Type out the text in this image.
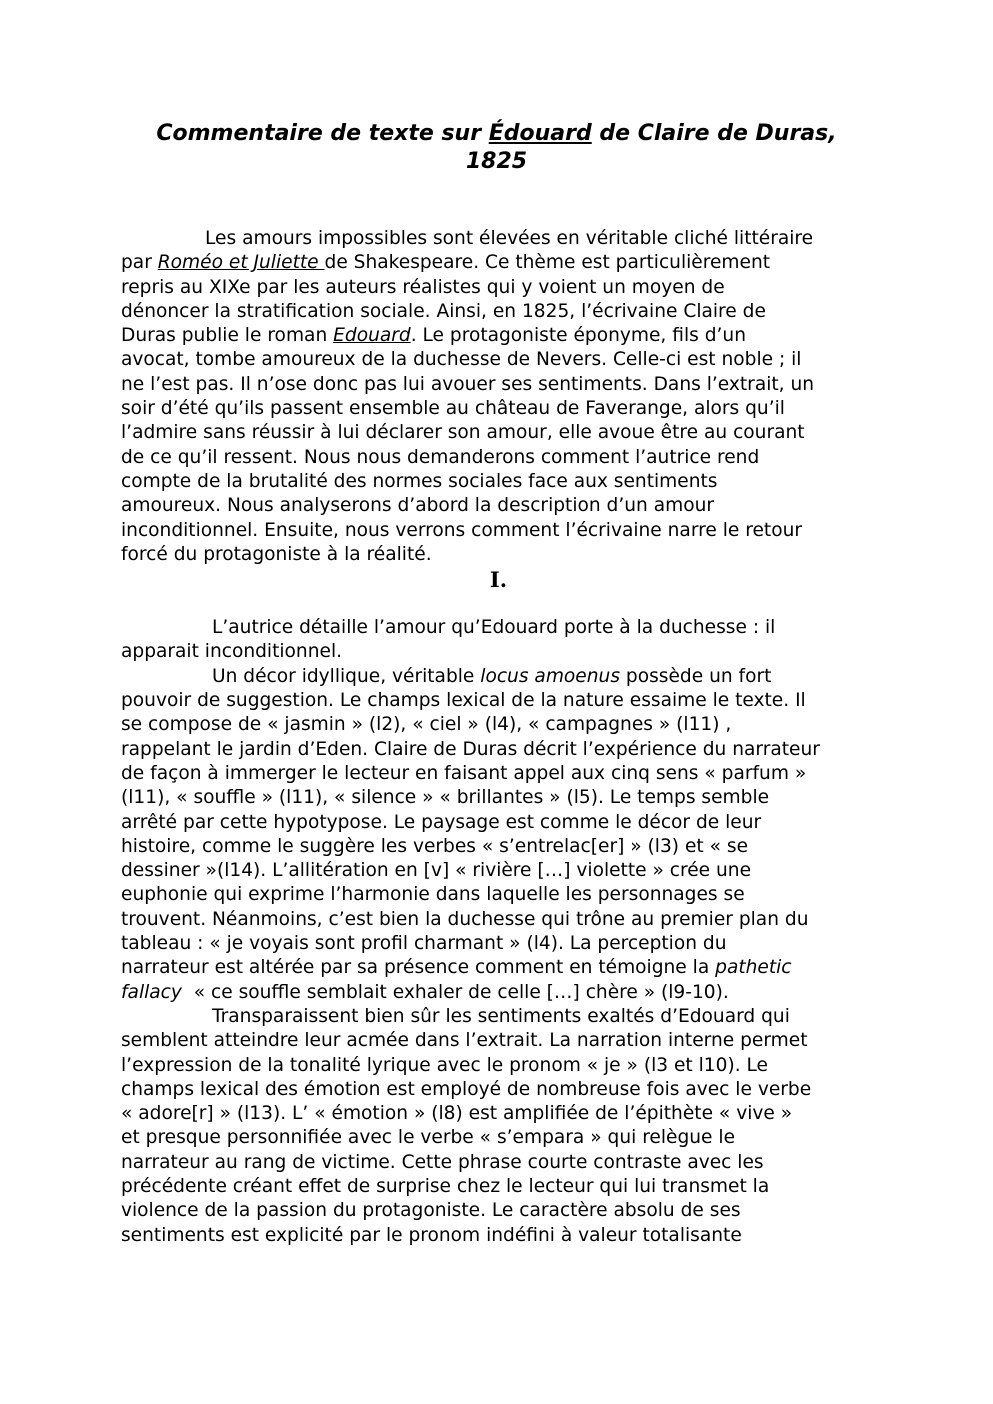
Commentaire de texte sur Édouard de Claire de Duras,
1825
Les amours impossibles sont élevées en véritable cliché littéraire
par Roméo et Juliette de Shakespeare. Ce thème est particulièrement
repris au XIXe par les auteurs réalistes qui y voient un moyen de
dénoncer la stratification sociale. Ainsi, en 1825, l’écrivaine Claire de
Duras publie le roman Edouard. Le protagoniste éponyme, fils d’un
avocat, tombe amoureux de la duchesse de Nevers. Celle-ci est noble ; il
ne l’est pas. Il n’ose donc pas lui avouer ses sentiments. Dans l’extrait, un
soir d’été qu’ils passent ensemble au château de Faverange, alors qu’il
l’admire sans réussir à lui déclarer son amour, elle avoue être au courant
de ce qu’il ressent. Nous nous demanderons comment l’autrice rend
compte de la brutalité des normes sociales face aux sentiments
amoureux. Nous analyserons d’abord la description d’un amour
inconditionnel. Ensuite, nous verrons comment l’écrivaine narre le retour
forcé du protagoniste à la réalité.
I.
L’autrice détaille l’amour qu’Edouard porte à la duchesse : il
apparait inconditionnel.
Un décor idyllique, véritable locus amoenus possède un fort
pouvoir de suggestion. Le champs lexical de la nature essaime le texte. Il
se compose de « jasmin » (l2), « ciel » (l4), « campagnes » (l11) ,
rappelant le jardin d’Eden. Claire de Duras décrit l’expérience du narrateur
de façon à immerger le lecteur en faisant appel aux cinq sens « parfum »
(l11), « souffle » (l11), « silence » « brillantes » (l5). Le temps semble
arrêté par cette hypotypose. Le paysage est comme le décor de leur
histoire, comme le suggère les verbes « s’entrelac[er] » (l3) et « se
dessiner »(l14). L’allitération en [v] « rivière […] violette » crée une
euphonie qui exprime l’harmonie dans laquelle les personnages se
trouvent. Néanmoins, c’est bien la duchesse qui trône au premier plan du
tableau : « je voyais sont profil charmant » (l4). La perception du
narrateur est altérée par sa présence comment en témoigne la pathetic
fallacy  « ce souffle semblait exhaler de celle […] chère » (l9-10).
Transparaissent bien sûr les sentiments exaltés d’Edouard qui
semblent atteindre leur acmée dans l’extrait. La narration interne permet
l’expression de la tonalité lyrique avec le pronom « je » (l3 et l10). Le
champs lexical des émotion est employé de nombreuse fois avec le verbe
« adore[r] » (l13). L’ « émotion » (l8) est amplifiée de l’épithète « vive »
et presque personnifiée avec le verbe « s’empara » qui relègue le
narrateur au rang de victime. Cette phrase courte contraste avec les
précédente créant effet de surprise chez le lecteur qui lui transmet la
violence de la passion du protagoniste. Le caractère absolu de ses
sentiments est explicité par le pronom indéfini à valeur totalisante
